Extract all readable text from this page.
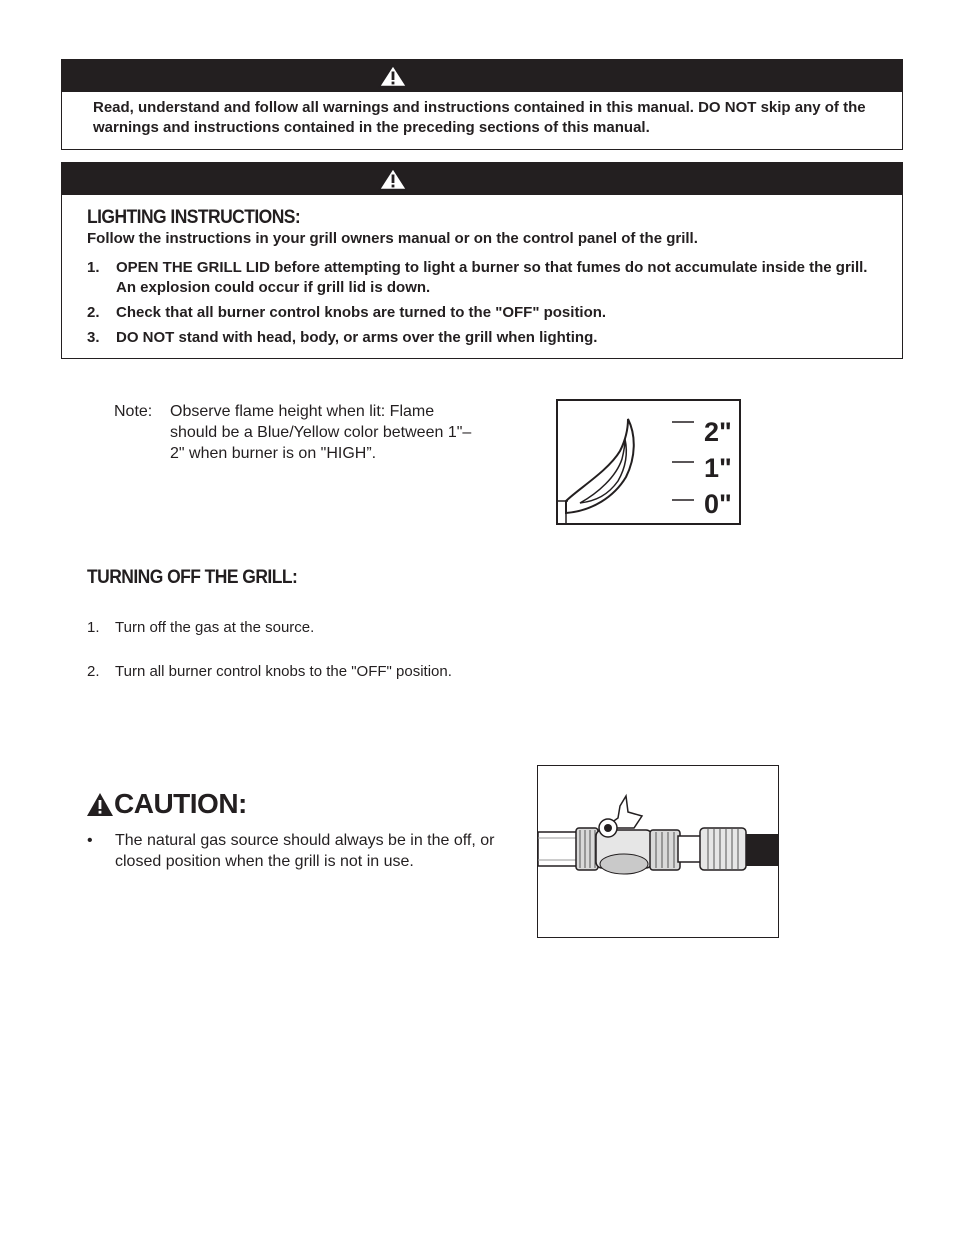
Read, understand and follow all warnings and instructions contained in this manual. DO NOT skip any of the warnings and instructions contained in the preceding sections of this manual.
LIGHTING INSTRUCTIONS:
Follow the instructions in your grill owners manual or on the control panel of the grill.
1. OPEN THE GRILL LID before attempting to light a burner so that fumes do not accumulate inside the grill. An explosion could occur if grill lid is down.
2. Check that all burner control knobs are turned to the "OFF" position.
3. DO NOT stand with head, body, or arms over the grill when lighting.
Note: Observe flame height when lit: Flame should be a Blue/Yellow color between 1"–2" when burner is on "HIGH”.
2"
1"
0"
TURNING OFF THE GRILL:
1. Turn off the gas at the source.
2. Turn all burner control knobs to the "OFF" position.
CAUTION:
• The natural gas source should always be in the off, or closed position when the grill is not in use.
